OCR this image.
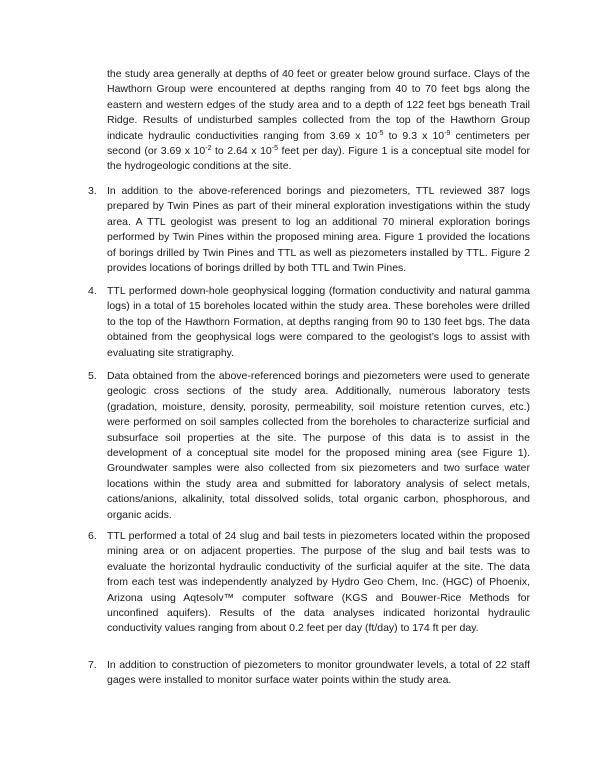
the study area generally at depths of 40 feet or greater below ground surface. Clays of the Hawthorn Group were encountered at depths ranging from 40 to 70 feet bgs along the eastern and western edges of the study area and to a depth of 122 feet bgs beneath Trail Ridge. Results of undisturbed samples collected from the top of the Hawthorn Group indicate hydraulic conductivities ranging from 3.69 x $10^{-5}$ to 9.3 x $10^{-9}$ centimeters per second (or 3.69 x $10^{-2}$ to 2.64 x $10^{-5}$ feet per day). Figure 1 is a conceptual site model for the hydrogeologic conditions at the site.

3. In addition to the above-referenced borings and piezometers, TTL reviewed 387 logs prepared by Twin Pines as part of their mineral exploration investigations within the study area. A TTL geologist was present to log an additional 70 mineral exploration borings performed by Twin Pines within the proposed mining area. Figure 1 provided the locations of borings drilled by Twin Pines and TTL as well as piezometers installed by TTL. Figure 2 provides locations of borings drilled by both TTL and Twin Pines.

4. TTL performed down-hole geophysical logging (formation conductivity and natural gamma logs) in a total of 15 boreholes located within the study area. These boreholes were drilled to the top of the Hawthorn Formation, at depths ranging from 90 to 130 feet bgs. The data obtained from the geophysical logs were compared to the geologist’s logs to assist with evaluating site stratigraphy.

5. Data obtained from the above-referenced borings and piezometers were used to generate geologic cross sections of the study area. Additionally, numerous laboratory tests (gradation, moisture, density, porosity, permeability, soil moisture retention curves, etc.) were performed on soil samples collected from the boreholes to characterize surficial and subsurface soil properties at the site. The purpose of this data is to assist in the development of a conceptual site model for the proposed mining area (see Figure 1). Groundwater samples were also collected from six piezometers and two surface water locations within the study area and submitted for laboratory analysis of select metals, cations/anions, alkalinity, total dissolved solids, total organic carbon, phosphorous, and organic acids.

6. TTL performed a total of 24 slug and bail tests in piezometers located within the proposed mining area or on adjacent properties. The purpose of the slug and bail tests was to evaluate the horizontal hydraulic conductivity of the surficial aquifer at the site. The data from each test was independently analyzed by Hydro Geo Chem, Inc. (HGC) of Phoenix, Arizona using Aqtesolv™ computer software (KGS and Bouwer-Rice Methods for unconfined aquifers). Results of the data analyses indicated horizontal hydraulic conductivity values ranging from about 0.2 feet per day (ft/day) to 174 ft per day.

7. In addition to construction of piezometers to monitor groundwater levels, a total of 22 staff gages were installed to monitor surface water points within the study area.
